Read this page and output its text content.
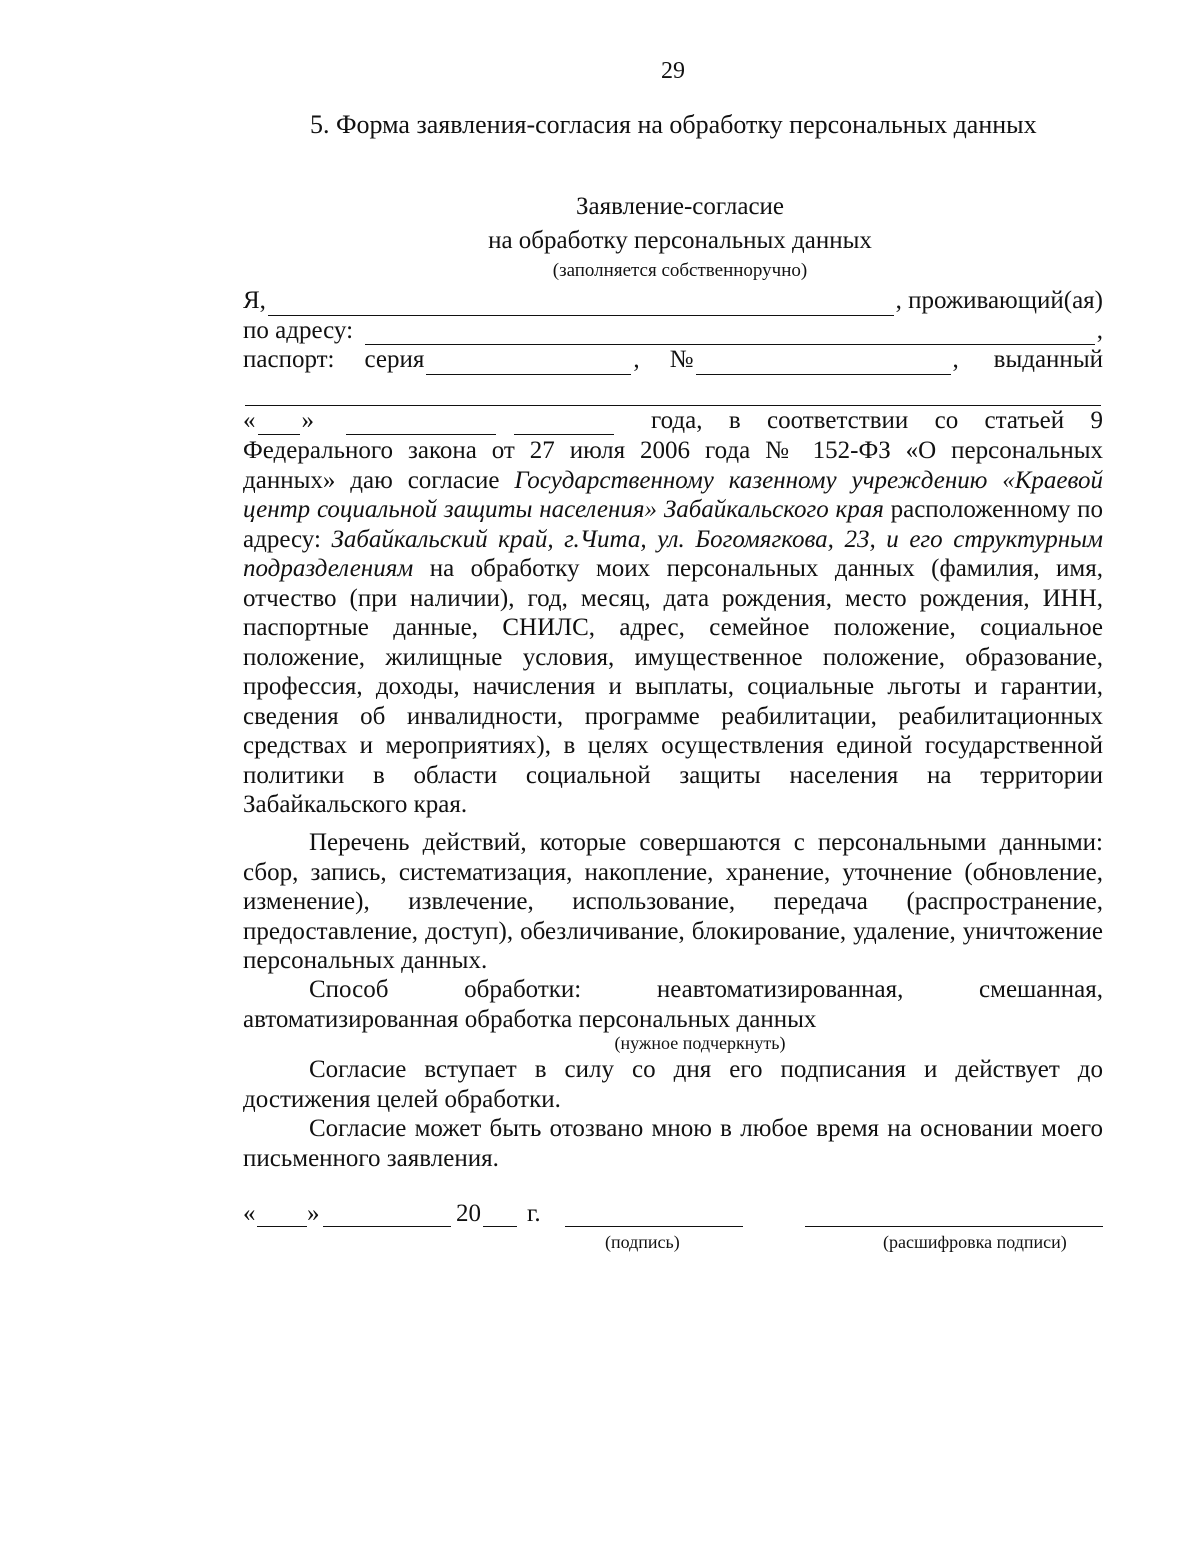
29
5. Форма заявления-согласия на обработку персональных данных
Заявление-согласие
на обработку персональных данных
(заполняется собственноручно)
Я,	, проживающий(ая)
по адресу:	,
паспорт: серия	, №	, выданный
« »	года, в соответствии со статьей 9
Федерального закона от 27 июля 2006 года № 152-ФЗ «О персональных данных» даю согласие Государственному казенному учреждению «Краевой центр социальной защиты населения» Забайкальского края расположенному по адресу: Забайкальский край, г.Чита, ул. Богомягкова, 23, и его структурным подразделениям на обработку моих персональных данных (фамилия, имя, отчество (при наличии), год, месяц, дата рождения, место рождения, ИНН, паспортные данные, СНИЛС, адрес, семейное положение, социальное положение, жилищные условия, имущественное положение, образование, профессия, доходы, начисления и выплаты, социальные льготы и гарантии, сведения об инвалидности, программе реабилитации, реабилитационных средствах и мероприятиях), в целях осуществления единой государственной политики в области социальной защиты населения на территории Забайкальского края.
Перечень действий, которые совершаются с персональными данными: сбор, запись, систематизация, накопление, хранение, уточнение (обновление, изменение), извлечение, использование, передача (распространение, предоставление, доступ), обезличивание, блокирование, удаление, уничтожение персональных данных.
Способ обработки: неавтоматизированная, смешанная, автоматизированная обработка персональных данных
(нужное подчеркнуть)
Согласие вступает в силу со дня его подписания и действует до достижения целей обработки.
Согласие может быть отозвано мною в любое время на основании моего письменного заявления.
« »	20 г.
(подпись)	(расшифровка подписи)
